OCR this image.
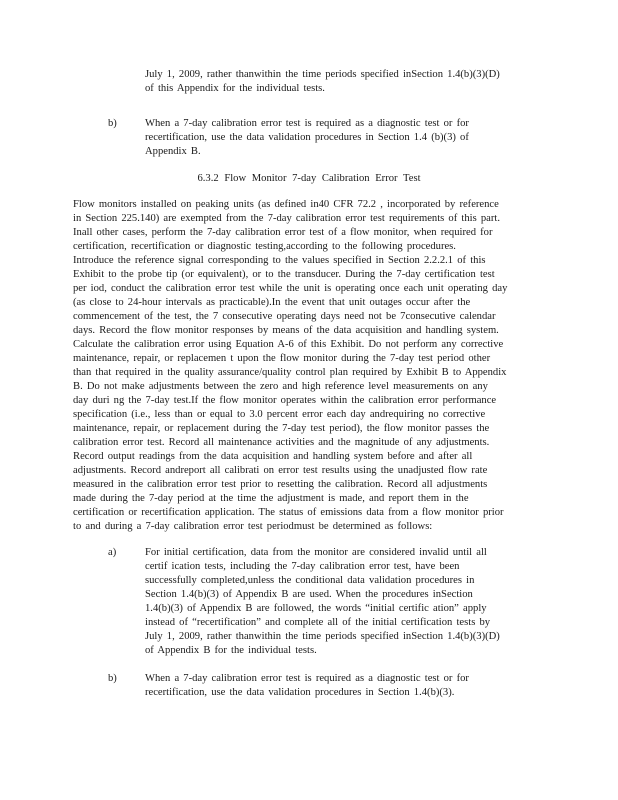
July 1, 2009, rather thanwithin the time periods specified inSection 1.4(b)(3)(D)
of this Appendix for the individual tests.
b)	When a 7-day calibration error test is required as a diagnostic test or for
recertification, use the data validation procedures in Section 1.4 (b)(3) of
Appendix B.
6.3.2 Flow Monitor 7-day Calibration Error Test
Flow monitors installed on peaking units (as defined in40 CFR 72.2 , incorporated by reference
in Section 225.140) are exempted from the 7-day calibration error test requirements of this part.
Inall other cases, perform the 7-day calibration error test of a flow monitor, when required for
certification, recertification or diagnostic testing,according to the following procedures.
Introduce the reference signal corresponding to the values specified in Section 2.2.2.1 of this
Exhibit to the probe tip (or equivalent), or to the transducer. During the 7-day certification test
per iod, conduct the calibration error test while the unit is operating once each unit operating day
(as close to 24-hour intervals as practicable).In the event that unit outages occur after the
commencement of the test, the 7 consecutive operating days need not be 7consecutive calendar
days. Record the flow monitor responses by means of the data acquisition and handling system.
Calculate the calibration error using Equation A-6 of this Exhibit. Do not perform any corrective
maintenance, repair, or replacemen t upon the flow monitor during the 7-day test period other
than that required in the quality assurance/quality control plan required by Exhibit B to Appendix
B. Do not make adjustments between the zero and high reference level measurements on any
day duri ng the 7-day test.If the flow monitor operates within the calibration error performance
specification (i.e., less than or equal to 3.0 percent error each day andrequiring no corrective
maintenance, repair, or replacement during the 7-day test period), the flow monitor passes the
calibration error test. Record all maintenance activities and the magnitude of any adjustments.
Record output readings from the data acquisition and handling system before and after all
adjustments. Record andreport all calibrati on error test results using the unadjusted flow rate
measured in the calibration error test prior to resetting the calibration. Record all adjustments
made during the 7-day period at the time the adjustment is made, and report them in the
certification or recertification application. The status of emissions data from a flow monitor prior
to and during a 7-day calibration error test periodmust be determined as follows:
a)	For initial certification, data from the monitor are considered invalid until all
certif ication tests, including the 7-day calibration error test, have been
successfully completed,unless the conditional data validation procedures in
Section 1.4(b)(3) of Appendix B are used. When the procedures inSection
1.4(b)(3) of Appendix B are followed, the words “initial certific ation” apply
instead of “recertification” and complete all of the initial certification tests by
July 1, 2009, rather thanwithin the time periods specified inSection 1.4(b)(3)(D)
of Appendix B for the individual tests.
b)	When a 7-day calibration error test is required as a diagnostic test or for
recertification, use the data validation procedures in Section 1.4(b)(3).
